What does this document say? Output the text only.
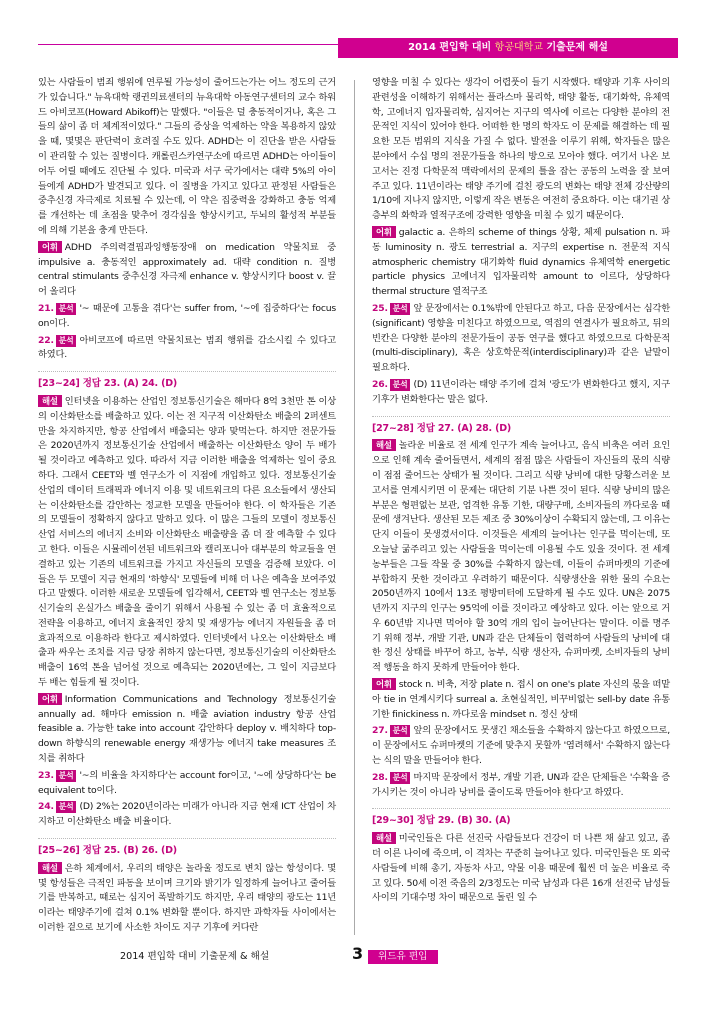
2014 편입학 대비 항공대학교 기출문제 해설

있는 사람들이 범죄 행위에 연루될 가능성이 줄어드는가는 어느 정도의 근거가 있습니다." 뉴욕대학 랭귄의료센터의 뉴욕대학 아동연구센터의 교수 하워드 아비코프(Howard Abikoff)는 말했다. "이들은 덜 충동적이거나, 혹은 그들의 삶이 좀 더 체계적이었다." 그들의 증상을 억제하는 약을 복용하지 않았을 때, 몇몇은 판단력이 흐려질 수도 있다. ADHD는 이 진단을 받은 사람들이 관리할 수 있는 질병이다. 캐롤린스카연구소에 따르면 ADHD는 아이들이 어두 어릴 때에도 진단될 수 있다. 미국과 서구 국가에서는 대략 5%의 아이들에게 ADHD가 발견되고 있다. 이 질병을 가지고 있다고 판정된 사람들은 중추신경 자극제로 치료될 수 있는데, 이 약은 집중력을 강화하고 충동 억제를 개선하는 데 초점을 맞추어 경각심을 향상시키고, 두뇌의 활성적 부분들에 의해 기본을 충게 만든다.

어휘 ADHD 주의력결핍과잉행동장애 on medication 약물치료 중 impulsive a. 충동적인 approximately ad. 대략 condition n. 질병 central stimulants 중추신경 자극제 enhance v. 향상시키다 boost v. 끌어 올리다

21. 분석 '~ 때문에 고통을 겪다'는 suffer from, '~에 집중하다'는 focus on이다.

22. 분석 아비코프에 따르면 약물치료는 범죄 행위를 감소시킬 수 있다고 하였다.

[23~24] 정답 23. (A) 24. (D)

해설 인터넷을 이용하는 산업인 정보통신기술은 해마다 8억 3천만 톤 이상의 이산화탄소를 배출하고 있다. 이는 전 지구적 이산화탄소 배출의 2퍼센트만을 차지하지만, 항공 산업에서 배출되는 양과 맞먹는다. 하지만 전문가들은 2020년까지 정보통신기술 산업에서 배출하는 이산화탄소 양이 두 배가 될 것이라고 예측하고 있다. 따라서 지금 이러한 배출을 억제하는 일이 중요하다. 그래서 CEET와 벨 연구소가 이 지점에 개입하고 있다. 정보통신기술 산업의 데이터 트래픽과 에너지 이용 및 네트워크의 다른 요소들에서 생산되는 이산화탄소를 감안하는 정교한 모델을 만들어야 한다. 이 학자들은 기존의 모델들이 정확하지 않다고 말하고 있다. 이 많은 그들의 모델이 정보통신산업 서비스의 에너지 소비와 이산화탄소 배출량을 좀 더 잘 예측할 수 있다고 한다. 이들은 시뮬레이션된 네트워크와 캘리포니아 대부분의 학교들을 연결하고 있는 기존의 네트워크를 가지고 자신들의 모델을 검증해 보았다. 이들은 두 모델이 지금 현재의 '하향식' 모델들에 비해 더 나은 예측을 보여주었다고 말했다. 이러한 새로운 모델들에 입각해서, CEET와 벨 연구소는 정보통신기술의 온실가스 배출을 줄이기 위해서 사용될 수 있는 좀 더 효율적으로 전략을 이용하고, 에너지 효율적인 장치 및 재생가능 에너지 자원들을 좀 더 효과적으로 이용하라 한다고 제시하였다. 인터넷에서 나오는 이산화탄소 배출과 싸우는 조치를 지금 당장 취하지 않는다면, 정보통신기술의 이산화탄소 배출이 16억 톤을 넘어설 것으로 예측되는 2020년에는, 그 일이 지금보다 두 배는 힘들게 될 것이다.

어휘 Information Communications and Technology 정보통신기술 annually ad. 해마다 emission n. 배출 aviation industry 항공 산업 feasible a. 가능한 take into account 감안하다 deploy v. 배치하다 top-down 하향식의 renewable energy 재생가능 에너지 take measures 조치를 취하다

23. 분석 '~의 비율을 차지하다'는 account for이고, '~에 상당하다'는 be equivalent to이다.

24. 분석 (D) 2%는 2020년이라는 미래가 아니라 지금 현재 ICT 산업이 차지하고 이산화탄소 배출 비율이다.

[25~26] 정답 25. (B) 26. (D)

해설 은하 체계에서, 우리의 태양은 놀라울 정도로 변치 않는 항성이다. 몇몇 항성들은 극적인 파동을 보이며 크기와 밝기가 일정하게 늘어나고 줄어들기를 반복하고, 때로는 심지어 폭발하기도 하지만, 우리 태양의 광도는 11년이라는 태양주기에 걸쳐 0.1% 변화할 뿐이다. 하지만 과학자들 사이에서는 이러한 겉으로 보기에 사소한 차이도 지구 기후에 커다란

영향을 미칠 수 있다는 생각이 어렵풋이 들기 시작했다. 태양과 기후 사이의 관련성을 이해하기 위해서는 플라스마 물리학, 태양 활동, 대기화학, 유체역학, 고에너지 입자물리학, 심지어는 지구의 역사에 이르는 다양한 분야의 전문적인 지식이 있어야 한다. 어떠한 한 명의 학자도 이 문제를 해결하는 데 필요한 모든 범위의 지식을 가질 수 없다. 발전을 이루기 위해, 학자들은 많은 분야에서 수십 명의 전문가들을 하나의 방으로 모아야 했다. 여기서 나온 보고서는 진정 다학문적 맥락에서의 문제의 틀을 잡는 공동의 노력을 잘 보여 주고 있다. 11년이라는 태양 주기에 걸친 광도의 변화는 태양 전체 강산량의 1/10에 지나지 않지만, 이렇게 작은 변동은 여전히 중요하다. 이는 대기권 상층부의 화학과 열적구조에 강력한 영향을 미칠 수 있기 때문이다.

어휘 galactic a. 은하의 scheme of things 상황, 체제 pulsation n. 파동 luminosity n. 광도 terrestrial a. 지구의 expertise n. 전문적 지식 atmospheric chemistry 대기화학 fluid dynamics 유체역학 energetic particle physics 고에너지 입자물리학 amount to 이르다, 상당하다 thermal structure 열적구조

25. 분석 앞 문장에서는 0.1%밖에 안된다고 하고, 다음 문장에서는 심각한(significant) 영향을 미친다고 하였으므로, 역접의 연결사가 필요하고, 뒤의 빈칸은 다양한 분야의 전문가들이 공동 연구를 했다고 하였으므로 다학문적(multi-disciplinary), 혹은 상호학문적(interdisciplinary)과 같은 낱말이 필요하다.

26. 분석 (D) 11년이라는 태양 주기에 걸쳐 '광도'가 변화한다고 했지, 지구 기후가 변화한다는 말은 없다.

[27~28] 정답 27. (A) 28. (D)

해설 놀라운 비율로 전 세계 인구가 계속 늘어나고, 음식 비축은 여러 요인으로 인해 계속 줄어들면서, 세계의 점점 많은 사람들이 자신들의 몫의 식량이 점점 줄어드는 상태가 될 것이다. 그리고 식량 낭비에 대한 당황스러운 보고서를 연계시키면 이 문제는 대단히 기분 나쁜 것이 된다. 식량 낭비의 많은 부분은 형편없는 보관, 엄격한 유통 기한, 대량구매, 소비자들의 까다로움 때문에 생겨난다. 생산된 모든 제조 중 30%이상이 수확되지 않는데, 그 이유는 단지 이들이 못생겼서이다. 이것들은 세계의 늘어나는 인구를 먹이는데, 또 오늘날 굶주리고 있는 사람들을 먹이는데 이용될 수도 있을 것이다. 전 세계 농부들은 그들 작물 중 30%를 수확하지 않는데, 이들이 슈퍼마켓의 기준에 부합하지 못한 것이라고 우려하기 때문이다. 식량생산을 위한 물의 수요는 2050년까지 10에서 13조 평방미터에 도달하게 될 수도 있다. UN은 2075년까지 지구의 인구는 95억에 이를 것이라고 예상하고 있다. 이는 앞으로 거우 60년밖 지나면 먹어야 할 30억 개의 입이 늘어난다는 말이다. 이를 명주기 위해 정부, 개발 기관, UN과 같은 단체들이 협력하여 사람들의 낭비에 대한 정신 상태를 바꾸어 하고, 농부, 식량 생산자, 슈퍼마켓, 소비자들의 낭비적 행동을 하지 못하게 만들어야 한다.

어휘 stock n. 비축, 저장 plate n. 접시 on one's plate 자신의 몫을 떠맡아 tie in 연계시키다 surreal a. 초현실적인, 비꾸비없는 sell-by date 유통기한 finickiness n. 까다로움 mindset n. 정신 상태

27. 분석 앞의 문장에서도 못생긴 채소들을 수확하지 않는다고 하였으므로, 이 문장에서도 슈퍼마켓의 기준에 맞추지 못할까 '염려해서' 수확하지 않는다는 식의 말을 만들어야 한다.

28. 분석 마지막 문장에서 정부, 개발 기관, UN과 같은 단체들은 '수확을 증가시키는 것이 아니라 낭비를 줄이도록 만들어야 한다'고 하였다.

[29~30] 정답 29. (B) 30. (A)

해설 미국인들은 다른 선진국 사람들보다 건강이 더 나쁜 채 삶고 있고, 좀 더 이른 나이에 죽으며, 이 격차는 꾸준히 늘어나고 있다. 미국인들은 또 외국 사람들에 비해 총기, 자동차 사고, 약물 이용 때문에 훨씬 더 높은 비율로 죽고 있다. 50세 이전 죽음의 2/3정도는 미국 남성과 다른 16개 선진국 남성들 사이의 기대수명 차이 때문으로 돌린 일 수

2014 편입학 대비 기출문제 & 해설	3 위드유 편입
